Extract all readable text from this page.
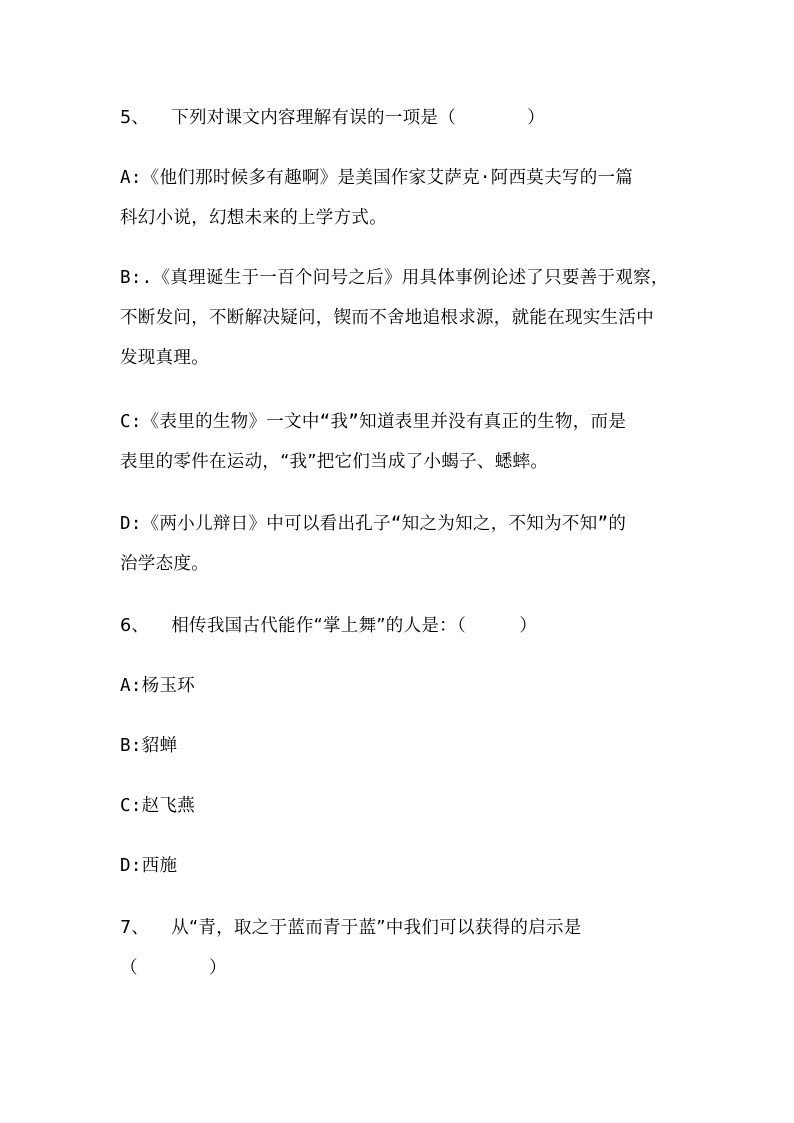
5、 下列对课文内容理解有误的一项是（　　　　）
A:《他们那时候多有趣啊》是美国作家艾萨克·阿西莫夫写的一篇
科幻小说，幻想未来的上学方式。
B:.《真理诞生于一百个问号之后》用具体事例论述了只要善于观察，
不断发问，不断解决疑问，锲而不舍地追根求源，就能在现实生活中
发现真理。
C:《表里的生物》一文中“我”知道表里并没有真正的生物，而是
表里的零件在运动，“我”把它们当成了小蝎子、蟋蟀。
D:《两小儿辩日》中可以看出孔子“知之为知之，不知为不知”的
治学态度。
6、 相传我国古代能作“掌上舞”的人是：（　　　）
A:杨玉环
B:貂蝉
C:赵飞燕
D:西施
7、 从“青，取之于蓝而青于蓝”中我们可以获得的启示是
（　　　　）
